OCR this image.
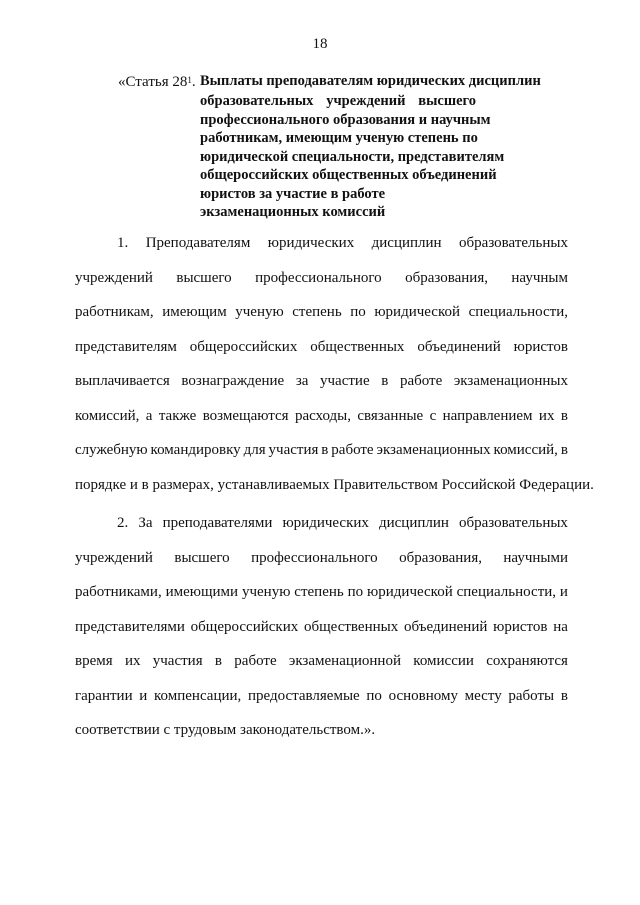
18
«Статья $28^1$. Выплаты преподавателям юридических дисциплин
образовательных учреждений высшего
профессионального образования и научным
работникам, имеющим ученую степень по
юридической специальности, представителям
общероссийских общественных объединений
юристов за участие в работе
экзаменационных комиссий
1. Преподавателям юридических дисциплин образовательных
учреждений высшего профессионального образования, научным
работникам, имеющим ученую степень по юридической специальности,
представителям общероссийских общественных объединений юристов
выплачивается вознаграждение за участие в работе экзаменационных
комиссий, а также возмещаются расходы, связанные с направлением их в
служебную командировку для участия в работе экзаменационных комиссий, в
порядке и в размерах, устанавливаемых Правительством Российской Федерации.
2. За преподавателями юридических дисциплин образовательных
учреждений высшего профессионального образования, научными
работниками, имеющими ученую степень по юридической специальности, и
представителями общероссийских общественных объединений юристов на
время их участия в работе экзаменационной комиссии сохраняются
гарантии и компенсации, предоставляемые по основному месту работы в
соответствии с трудовым законодательством.».
